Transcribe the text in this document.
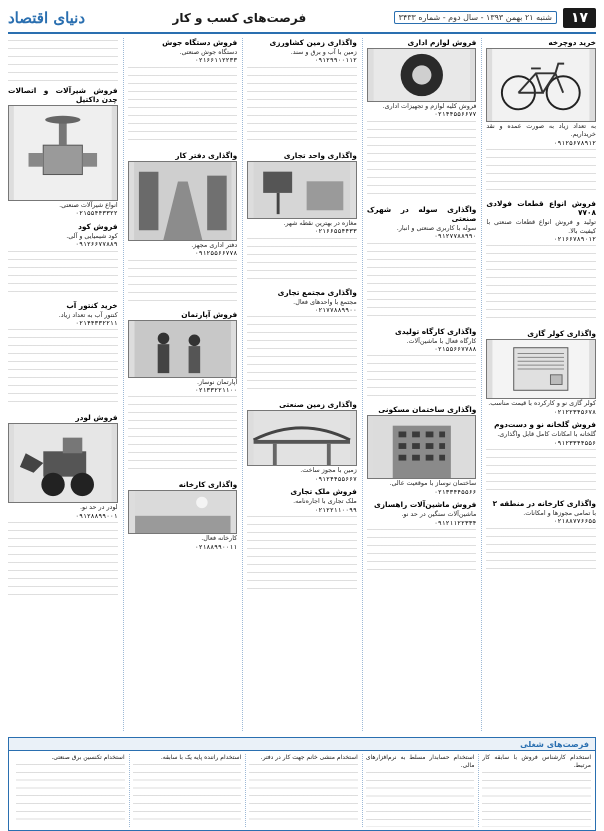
۱۷
شنبه ۲۱ بهمن ۱۳۹۳ - سال دوم - شماره ۳۴۳۳
فرصت‌های کسب و کار
دنیای اقتصاد
خرید دوچرخه

به تعداد زیاد به صورت عمده و نقد خریداریم.

۰۹۱۲۵۶۷۸۹۱۲
فروش انواع قطعات فولادی ۷۷۰۸

تولید و فروش انواع قطعات صنعتی با کیفیت بالا.

۰۲۱۶۶۷۸۹۰۱۲
واگذاری کولر گازی

کولر گازی نو و کارکرده با قیمت مناسب.

۰۲۱۲۲۳۴۵۶۷۸
فروش گلخانه نو و دست‌دوم

گلخانه با امکانات کامل قابل واگذاری.

۰۹۱۲۳۳۴۴۵۵۶
واگذاری کارخانه در منطقه ۲

با تمامی مجوزها و امکانات.

۰۲۱۸۸۷۷۶۶۵۵
فروش لوازم اداری

فروش کلیه لوازم و تجهیزات اداری.

۰۲۱۴۴۵۵۶۶۷۷
واگذاری سوله در شهرک صنعتی

سوله با کاربری صنعتی و انبار.

۰۹۱۲۷۷۸۸۹۹۰
واگذاری کارگاه تولیدی

کارگاه فعال با ماشین‌آلات.

۰۲۱۵۵۶۶۷۷۸۸
واگذاری ساختمان مسکونی

ساختمان نوساز با موقعیت عالی.

۰۲۱۳۳۴۴۵۵۶۶
فروش ماشین‌آلات راهسازی

ماشین‌آلات سنگین در حد نو.

۰۹۱۲۱۱۲۲۳۳۴
واگذاری زمین کشاورزی

زمین با آب و برق و سند.

۰۹۱۲۹۹۰۰۱۱۲
واگذاری واحد تجاری

مغازه در بهترین نقطه شهر.

۰۲۱۶۶۵۵۴۴۳۳
واگذاری مجتمع تجاری

مجتمع با واحدهای فعال.

۰۲۱۷۷۸۸۹۹۰۰
واگذاری زمین صنعتی

زمین با مجوز ساخت.

۰۹۱۲۴۴۵۵۶۶۷
فروش ملک تجاری

ملک تجاری با اجاره‌نامه.

۰۲۱۲۲۱۱۰۰۹۹
فروش دستگاه جوش

دستگاه جوش صنعتی.

۰۲۱۶۶۱۱۲۲۳۳
واگذاری دفتر کار

دفتر اداری مجهز.

۰۹۱۲۵۵۶۶۷۷۸
فروش آپارتمان

آپارتمان نوساز.

۰۲۱۳۳۲۲۱۱۰۰
واگذاری کارخانه

کارخانه فعال.

۰۲۱۸۸۹۹۰۰۱۱
فروش شیرآلات و اتصالات چدن داکتیل

انواع شیرآلات صنعتی.

۰۲۱۵۵۴۴۳۳۲۲
فروش کود

کود شیمیایی و آلی.

۰۹۱۲۶۶۷۷۸۸۹
خرید کنتور آب

کنتور آب به تعداد زیاد.

۰۲۱۴۴۳۳۲۲۱۱
فروش لودر

لودر در حد نو.

۰۹۱۲۸۸۹۹۰۰۱
فرصت‌های شغلی
استخدام کارشناس فروش با سابقه کار مرتبط.
استخدام حسابدار مسلط به نرم‌افزارهای مالی.
استخدام منشی خانم جهت کار در دفتر.
استخدام راننده پایه یک با سابقه.
استخدام تکنسین برق صنعتی.
